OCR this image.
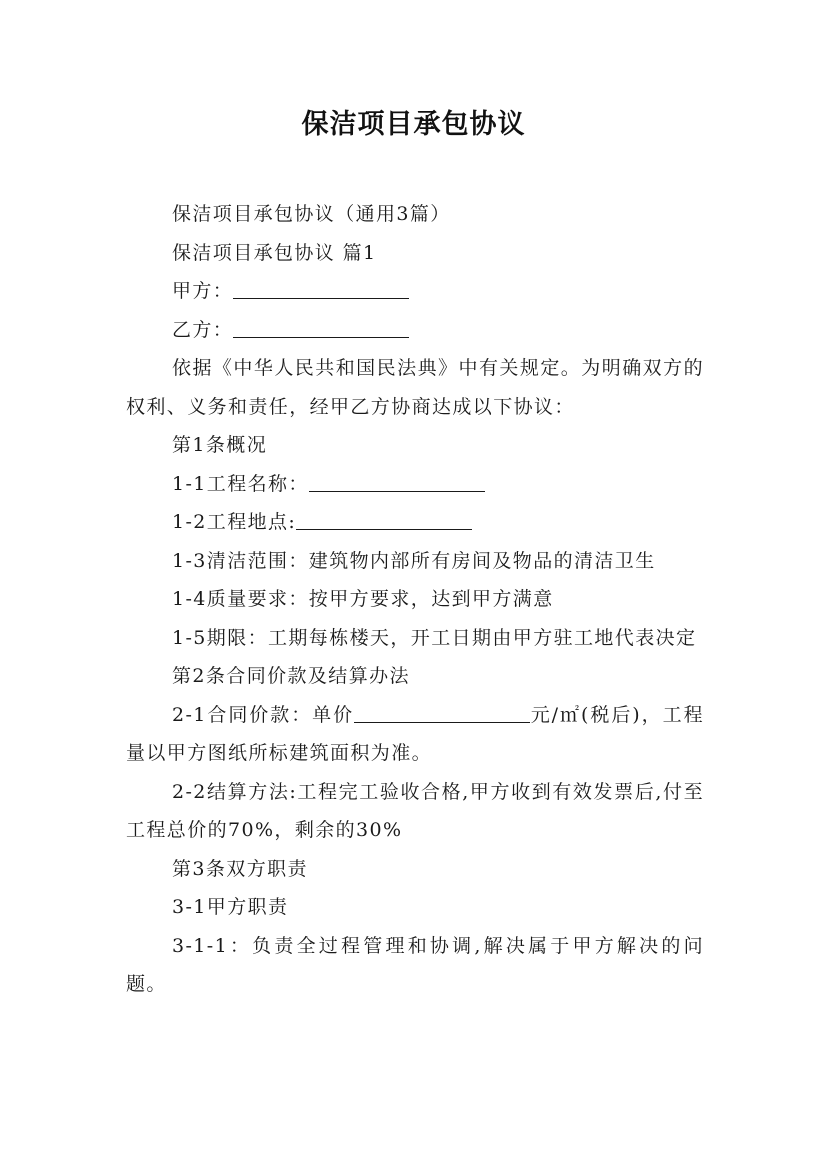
保洁项目承包协议

保洁项目承包协议（通用3篇）

保洁项目承包协议 篇1

甲方：

乙方：

依据《中华人民共和国民法典》中有关规定。为明确双方的权利、义务和责任，经甲乙方协商达成以下协议：

第1条概况

1-1工程名称：

1-2工程地点:

1-3清洁范围：建筑物内部所有房间及物品的清洁卫生

1-4质量要求：按甲方要求，达到甲方满意

1-5期限：工期每栋楼天，开工日期由甲方驻工地代表决定

第2条合同价款及结算办法

2-1合同价款：单价	元/㎡(税后)，工程量以甲方图纸所标建筑面积为准。

2-2结算方法:工程完工验收合格,甲方收到有效发票后,付至工程总价的70%，剩余的30%

第3条双方职责

3-1甲方职责

3-1-1：负责全过程管理和协调,解决属于甲方解决的问题。
